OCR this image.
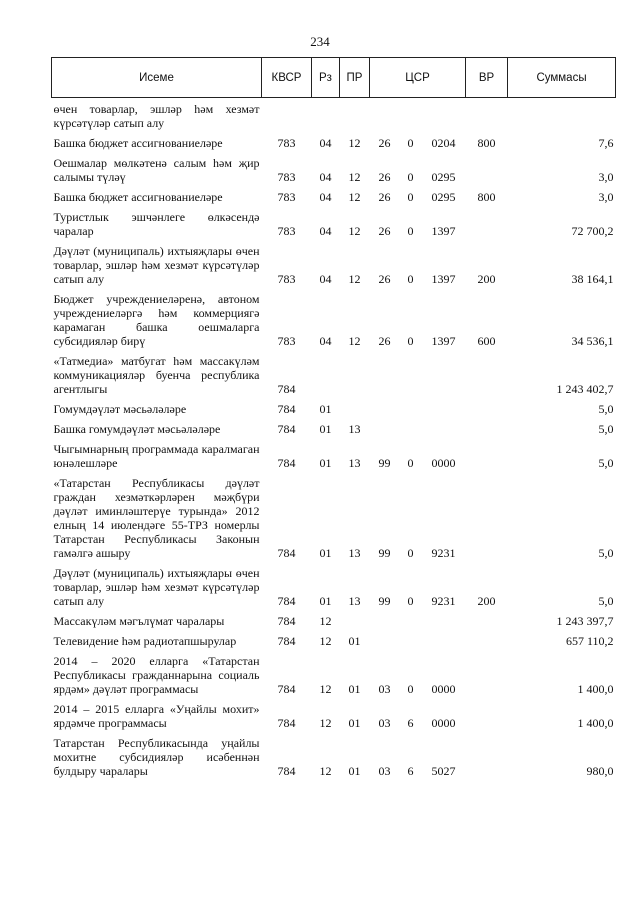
234
Исеме	КВСР	Рз	ПР	ЦСР			ВР	Суммасы
өчен товарлар, эшләр һәм хезмәт күрсәтүләр сатып алу								
Башка бюджет ассигнованиеләре	783	04	12	26	0	0204	800	7,6
Оешмалар мөлкәтенә салым һәм җир салымы түләү	783	04	12	26	0	0295		3,0
Башка бюджет ассигнованиеләре	783	04	12	26	0	0295	800	3,0
Туристлык эшчәнлеге өлкәсендә чаралар	783	04	12	26	0	1397		72 700,2
Дәүләт (муниципаль) ихтыяҗлары өчен товарлар, эшләр һәм хезмәт күрсәтүләр сатып алу	783	04	12	26	0	1397	200	38 164,1
Бюджет учреждениеләренә, автоном учреждениеләргә һәм коммерциягә карамаган башка оешмаларга субсидияләр бирү	783	04	12	26	0	1397	600	34 536,1
«Татмедиа» матбугат һәм массакүләм коммуникацияләр буенча республика агентлыгы	784							1 243 402,7
Гомумдәүләт мәсьәләләре	784	01						5,0
Башка гомумдәүләт мәсьәләләре	784	01	13					5,0
Чыгымнарның программада каралмаган юнәлешләре	784	01	13	99	0	0000		5,0
«Татарстан Республикасы дәүләт граждан хезмәткәрләрен мәҗбүри дәүләт иминләштерүе турында» 2012 елның 14 июлендәге 55-ТРЗ номерлы Татарстан Республикасы Законын гамәлгә ашыру	784	01	13	99	0	9231		5,0
Дәүләт (муниципаль) ихтыяҗлары өчен товарлар, эшләр һәм хезмәт күрсәтүләр сатып алу	784	01	13	99	0	9231	200	5,0
Массакүләм мәгълүмат чаралары	784	12						1 243 397,7
Телевидение һәм радиотапшырулар	784	12	01					657 110,2
2014 – 2020 елларга «Татарстан Республикасы гражданнарына социаль ярдәм» дәүләт программасы	784	12	01	03	0	0000		1 400,0
2014 – 2015 елларга «Уңайлы мохит» ярдәмче программасы	784	12	01	03	6	0000		1 400,0
Татарстан Республикасында уңайлы мохитне субсидияләр исәбеннән булдыру чаралары	784	12	01	03	6	5027		980,0
